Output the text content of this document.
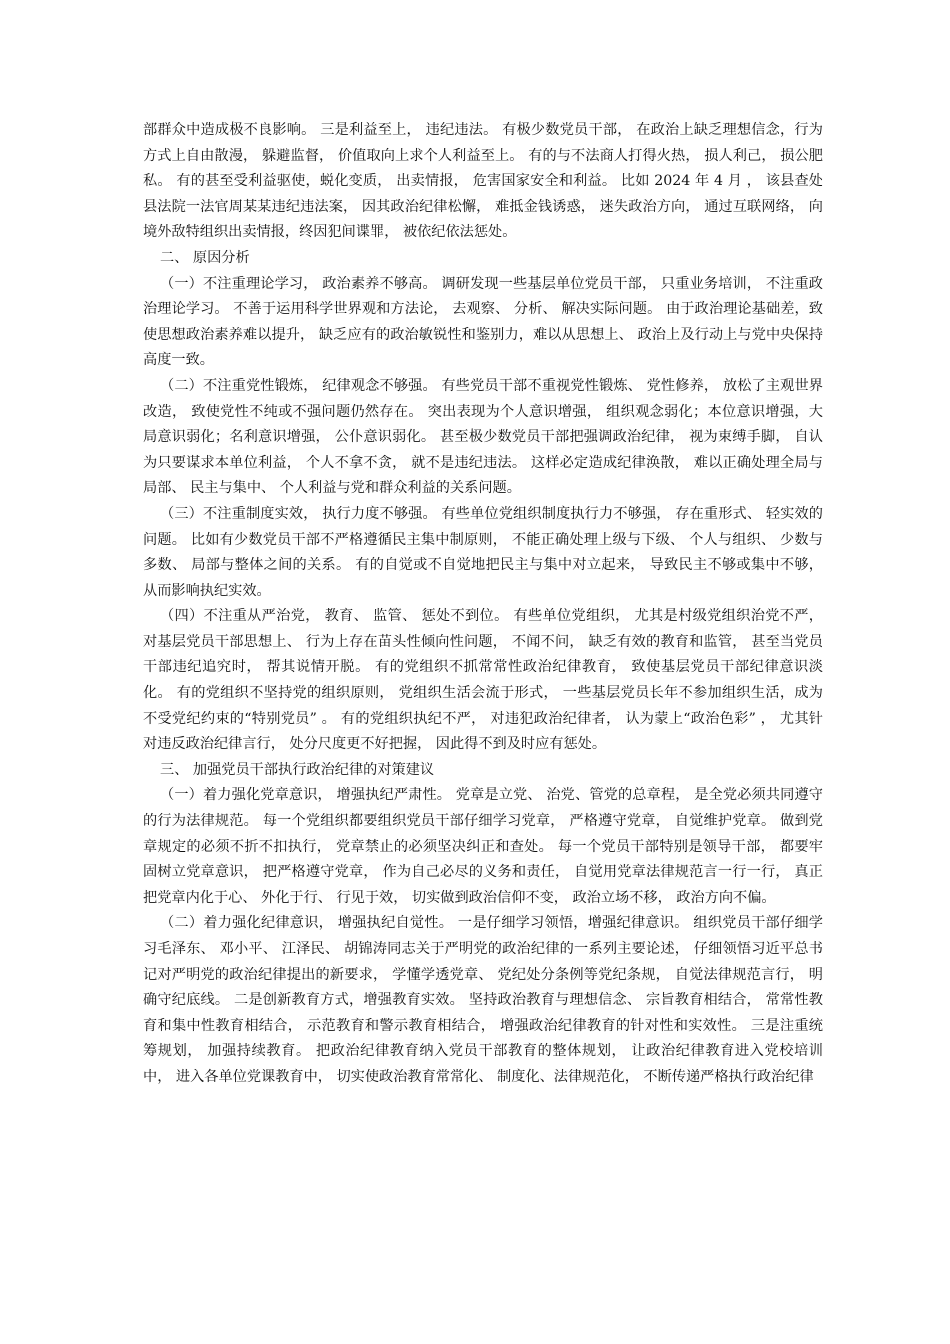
部群众中造成极不良影响。 三是利益至上， 违纪违法。 有极少数党员干部， 在政治上缺乏理想信念，行为方式上自由散漫， 躲避监督， 价值取向上求个人利益至上。 有的与不法商人打得火热， 损人利己， 损公肥私。 有的甚至受利益驱使，蜕化变质， 出卖情报， 危害国家安全和利益。 比如 2024 年 4 月 ， 该县查处县法院一法官周某某违纪违法案， 因其政治纪律松懈， 难抵金钱诱惑， 迷失政治方向， 通过互联网络， 向境外敌特组织出卖情报，终因犯间谍罪， 被依纪依法惩处。

二、 原因分析

（一）不注重理论学习， 政治素养不够高。 调研发现一些基层单位党员干部， 只重业务培训， 不注重政治理论学习。 不善于运用科学世界观和方法论， 去观察、 分析、 解决实际问题。 由于政治理论基础差，致使思想政治素养难以提升， 缺乏应有的政治敏锐性和鉴别力，难以从思想上、 政治上及行动上与党中央保持高度一致。

（二）不注重党性锻炼， 纪律观念不够强。 有些党员干部不重视党性锻炼、 党性修养， 放松了主观世界改造， 致使党性不纯或不强问题仍然存在。 突出表现为个人意识增强， 组织观念弱化；本位意识增强，大局意识弱化；名利意识增强， 公仆意识弱化。 甚至极少数党员干部把强调政治纪律， 视为束缚手脚， 自认为只要谋求本单位利益， 个人不拿不贪， 就不是违纪违法。 这样必定造成纪律涣散， 难以正确处理全局与局部、 民主与集中、 个人利益与党和群众利益的关系问题。

（三）不注重制度实效， 执行力度不够强。 有些单位党组织制度执行力不够强， 存在重形式、 轻实效的问题。 比如有少数党员干部不严格遵循民主集中制原则， 不能正确处理上级与下级、 个人与组织、 少数与多数、 局部与整体之间的关系。 有的自觉或不自觉地把民主与集中对立起来， 导致民主不够或集中不够， 从而影响执纪实效。

（四）不注重从严治党， 教育、 监管、 惩处不到位。 有些单位党组织， 尤其是村级党组织治党不严， 对基层党员干部思想上、 行为上存在苗头性倾向性问题， 不闻不问， 缺乏有效的教育和监管， 甚至当党员干部违纪追究时， 帮其说情开脱。 有的党组织不抓常常性政治纪律教育， 致使基层党员干部纪律意识淡化。 有的党组织不坚持党的组织原则， 党组织生活会流于形式， 一些基层党员长年不参加组织生活，成为不受党纪约束的“特别党员” 。 有的党组织执纪不严， 对违犯政治纪律者， 认为蒙上“政治色彩” ， 尤其针对违反政治纪律言行， 处分尺度更不好把握， 因此得不到及时应有惩处。

三、 加强党员干部执行政治纪律的对策建议

（一）着力强化党章意识， 增强执纪严肃性。 党章是立党、 治党、管党的总章程， 是全党必须共同遵守的行为法律规范。 每一个党组织都要组织党员干部仔细学习党章， 严格遵守党章， 自觉维护党章。 做到党章规定的必须不折不扣执行， 党章禁止的必须坚决纠正和查处。 每一个党员干部特别是领导干部， 都要牢固树立党章意识， 把严格遵守党章， 作为自己必尽的义务和责任， 自觉用党章法律规范言一行一行， 真正把党章内化于心、 外化于行、 行见于效， 切实做到政治信仰不变， 政治立场不移， 政治方向不偏。

（二）着力强化纪律意识， 增强执纪自觉性。 一是仔细学习领悟，增强纪律意识。 组织党员干部仔细学习毛泽东、 邓小平、 江泽民、 胡锦涛同志关于严明党的政治纪律的一系列主要论述， 仔细领悟习近平总书记对严明党的政治纪律提出的新要求， 学懂学透党章、 党纪处分条例等党纪条规， 自觉法律规范言行， 明确守纪底线。 二是创新教育方式，增强教育实效。 坚持政治教育与理想信念、 宗旨教育相结合， 常常性教育和集中性教育相结合， 示范教育和警示教育相结合， 增强政治纪律教育的针对性和实效性。 三是注重统筹规划， 加强持续教育。 把政治纪律教育纳入党员干部教育的整体规划， 让政治纪律教育进入党校培训中， 进入各单位党课教育中， 切实使政治教育常常化、 制度化、法律规范化， 不断传递严格执行政治纪律
